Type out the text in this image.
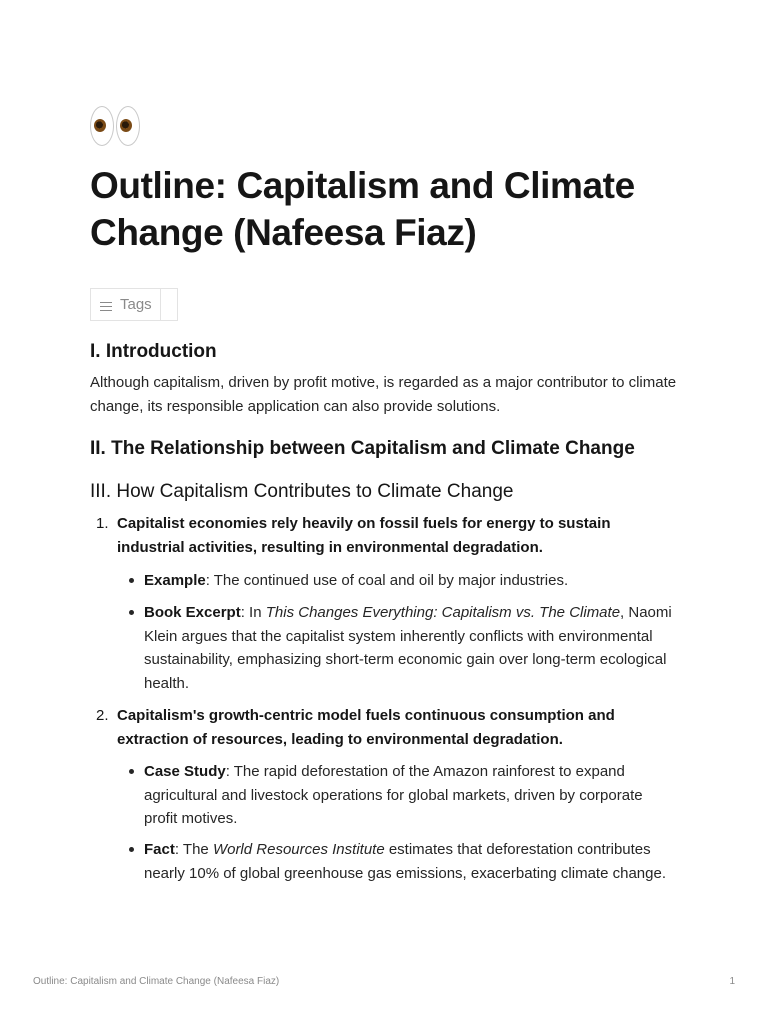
Outline: Capitalism and Climate Change (Nafeesa Fiaz)
Tags
I. Introduction

Although capitalism, driven by profit motive, is regarded as a major contributor to climate change, its responsible application can also provide solutions.

II. The Relationship between Capitalism and Climate Change
III. How Capitalism Contributes to Climate Change
1. Capitalist economies rely heavily on fossil fuels for energy to sustain industrial activities, resulting in environmental degradation.
Example: The continued use of coal and oil by major industries.
Book Excerpt: In This Changes Everything: Capitalism vs. The Climate, Naomi Klein argues that the capitalist system inherently conflicts with environmental sustainability, emphasizing short-term economic gain over long-term ecological health.
2. Capitalism's growth-centric model fuels continuous consumption and extraction of resources, leading to environmental degradation.
Case Study: The rapid deforestation of the Amazon rainforest to expand agricultural and livestock operations for global markets, driven by corporate profit motives.
Fact: The World Resources Institute estimates that deforestation contributes nearly 10% of global greenhouse gas emissions, exacerbating climate change.
Outline: Capitalism and Climate Change (Nafeesa Fiaz)	1
